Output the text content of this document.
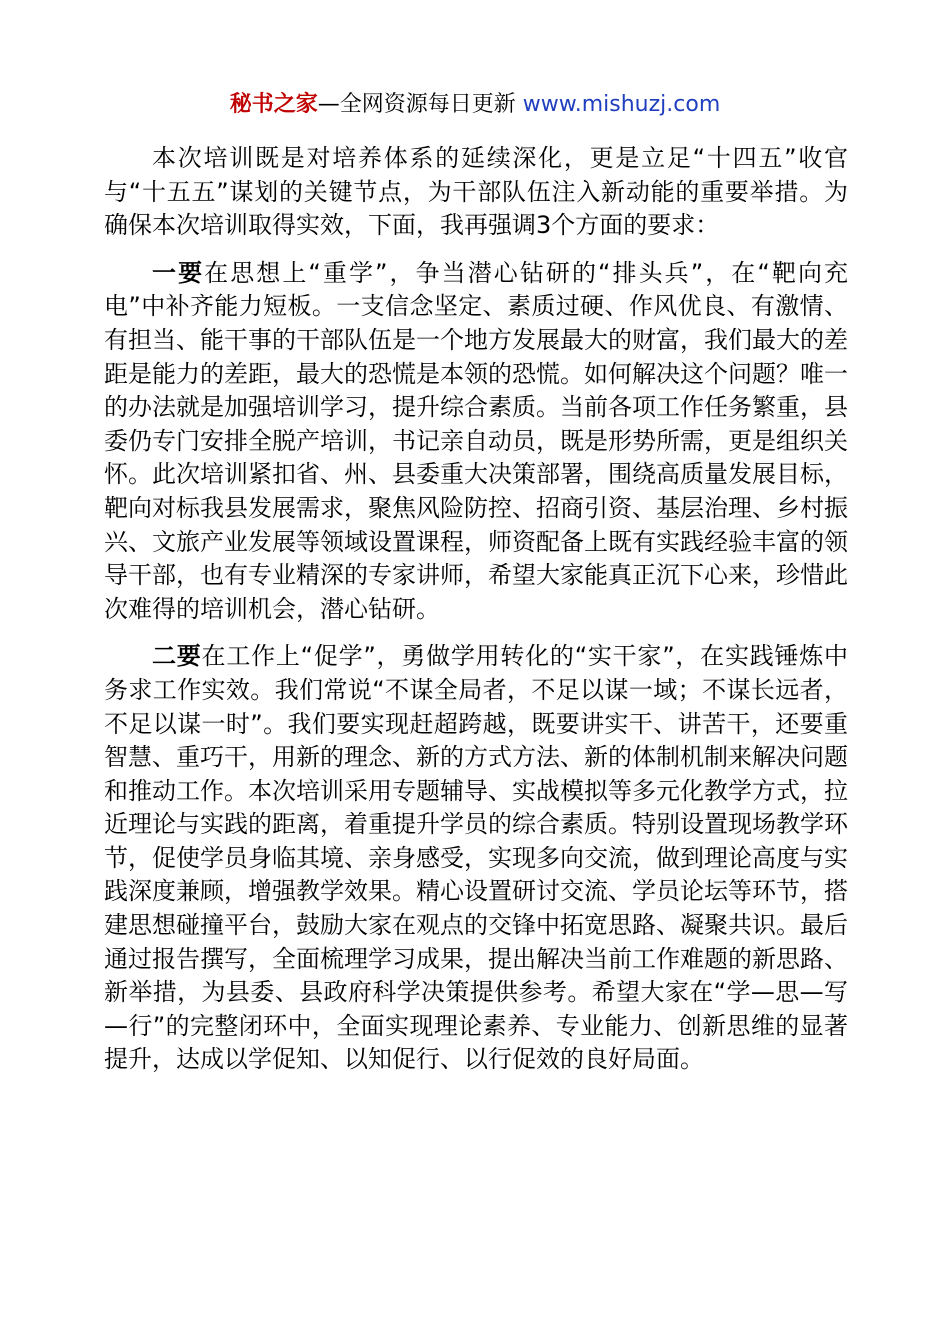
秘书之家—全网资源每日更新 www.mishuzj.com

本次培训既是对培养体系的延续深化，更是立足“十四五”收官与“十五五”谋划的关键节点，为干部队伍注入新动能的重要举措。为确保本次培训取得实效，下面，我再强调3个方面的要求：

一要在思想上“重学”，争当潜心钻研的“排头兵”，在“靶向充电”中补齐能力短板。一支信念坚定、素质过硬、作风优良、有激情、有担当、能干事的干部队伍是一个地方发展最大的财富，我们最大的差距是能力的差距，最大的恐慌是本领的恐慌。如何解决这个问题？唯一的办法就是加强培训学习，提升综合素质。当前各项工作任务繁重，县委仍专门安排全脱产培训，书记亲自动员，既是形势所需，更是组织关怀。此次培训紧扣省、州、县委重大决策部署，围绕高质量发展目标，靶向对标我县发展需求，聚焦风险防控、招商引资、基层治理、乡村振兴、文旅产业发展等领域设置课程，师资配备上既有实践经验丰富的领导干部，也有专业精深的专家讲师，希望大家能真正沉下心来，珍惜此次难得的培训机会，潜心钻研。

二要在工作上“促学”，勇做学用转化的“实干家”，在实践锤炼中务求工作实效。我们常说“不谋全局者，不足以谋一域；不谋长远者，不足以谋一时”。我们要实现赶超跨越，既要讲实干、讲苦干，还要重智慧、重巧干，用新的理念、新的方式方法、新的体制机制来解决问题和推动工作。本次培训采用专题辅导、实战模拟等多元化教学方式，拉近理论与实践的距离，着重提升学员的综合素质。特别设置现场教学环节，促使学员身临其境、亲身感受，实现多向交流，做到理论高度与实践深度兼顾，增强教学效果。精心设置研讨交流、学员论坛等环节，搭建思想碰撞平台，鼓励大家在观点的交锋中拓宽思路、凝聚共识。最后通过报告撰写，全面梳理学习成果，提出解决当前工作难题的新思路、新举措，为县委、县政府科学决策提供参考。希望大家在“学—思—写—行”的完整闭环中，全面实现理论素养、专业能力、创新思维的显著提升，达成以学促知、以知促行、以行促效的良好局面。
